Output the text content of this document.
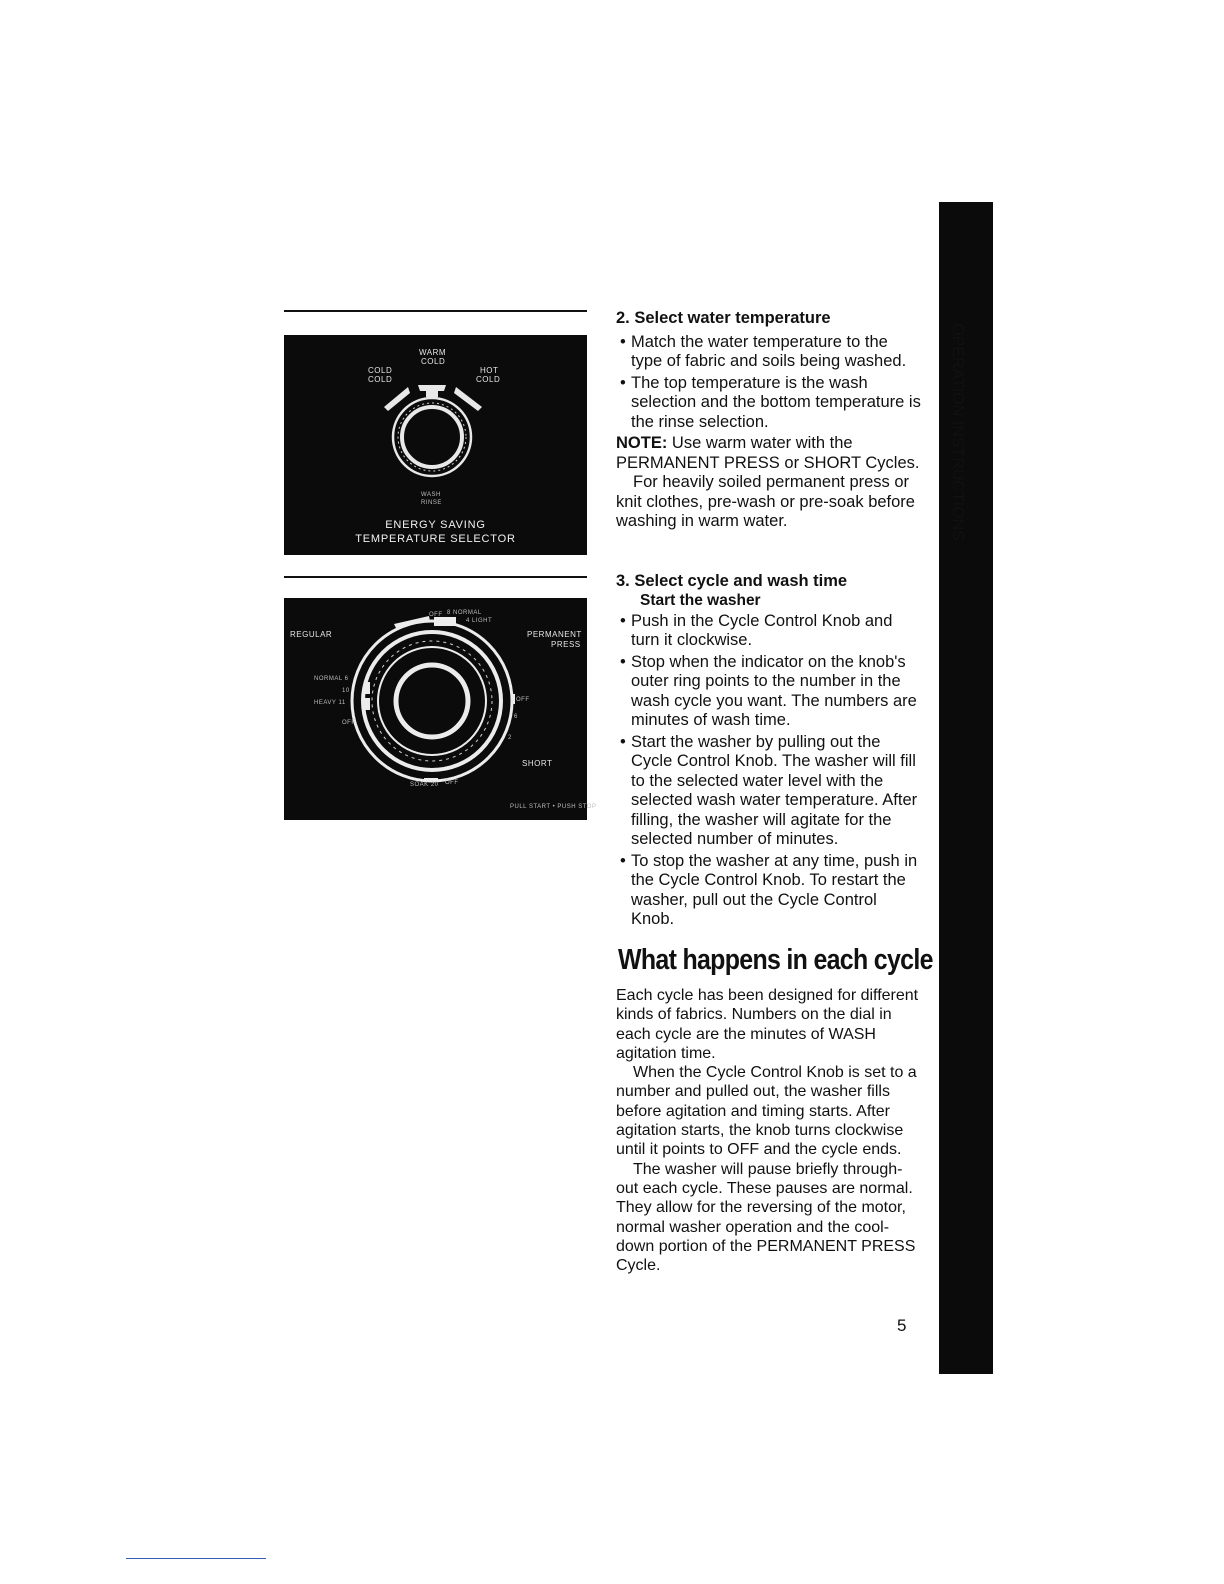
WARM
COLD
COLD
COLD
HOT
COLD
WASH
RINSE
ENERGY SAVING
TEMPERATURE SELECTOR
REGULAR	PERMANENT
PRESS
SHORT
NORMAL 6
10
HEAVY 11
OFF
8 NORMAL
OFF
4 LIGHT
OFF
6
2
SOAK 20 OFF
PULL START • PUSH STOP
2. Select water temperature
• Match the water temperature to the type of fabric and soils being washed.
• The top temperature is the wash selection and the bottom temperature is the rinse selection.

NOTE: Use warm water with the PERMANENT PRESS or SHORT Cycles.

For heavily soiled permanent press or knit clothes, pre-wash or pre-soak before washing in warm water.

3. Select cycle and wash time
Start the washer
• Push in the Cycle Control Knob and turn it clockwise.
• Stop when the indicator on the knob's outer ring points to the number in the wash cycle you want. The numbers are minutes of wash time.
• Start the washer by pulling out the Cycle Control Knob. The washer will fill to the selected water level with the selected wash water temperature. After filling, the washer will agitate for the selected number of minutes.
• To stop the washer at any time, push in the Cycle Control Knob. To restart the washer, pull out the Cycle Control Knob.
What happens in each cycle

Each cycle has been designed for different kinds of fabrics. Numbers on the dial in each cycle are the minutes of WASH agitation time.

When the Cycle Control Knob is set to a number and pulled out, the washer fills before agitation and timing starts. After agitation starts, the knob turns clockwise until it points to OFF and the cycle ends.

The washer will pause briefly through-out each cycle. These pauses are normal. They allow for the reversing of the motor, normal washer operation and the cool-down portion of the PERMANENT PRESS Cycle.

5
OPERATION INSTRUCTIONS
